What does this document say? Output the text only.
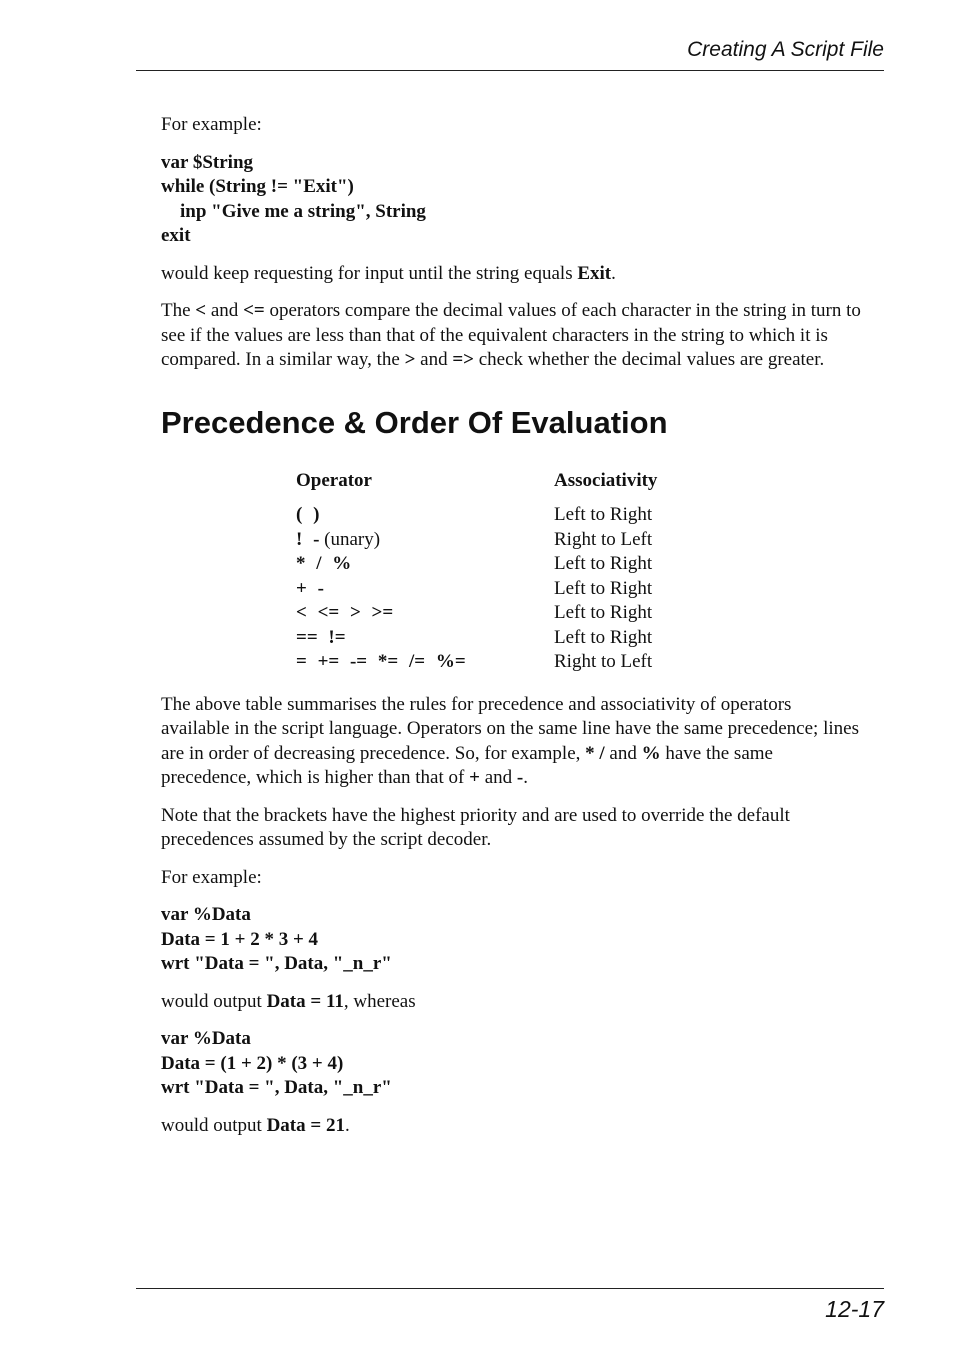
Creating A Script File

For example:

var $String
while (String != "Exit")
inp "Give me a string", String
exit

would keep requesting for input until the string equals Exit.

The < and <= operators compare the decimal values of each character in the string in turn to see if the values are less than that of the equivalent characters in the string to which it is compared. In a similar way, the > and => check whether the decimal values are greater.

Precedence & Order Of Evaluation
Operator	Associativity
( )	Left to Right
! - (unary)	Right to Left
* / %	Left to Right
+ -	Left to Right
< <= > >=	Left to Right
== !=	Left to Right
= += -= *= /= %=	Right to Left

The above table summarises the rules for precedence and associativity of operators available in the script language. Operators on the same line have the same precedence; lines are in order of decreasing precedence. So, for example, * / and % have the same precedence, which is higher than that of + and -.

Note that the brackets have the highest priority and are used to override the default precedences assumed by the script decoder.

For example:

var %Data
Data = 1 + 2 * 3 + 4
wrt "Data = ", Data, "_n_r"

would output Data = 11, whereas

var %Data
Data = (1 + 2) * (3 + 4)
wrt "Data = ", Data, "_n_r"

would output Data = 21.

12-17
